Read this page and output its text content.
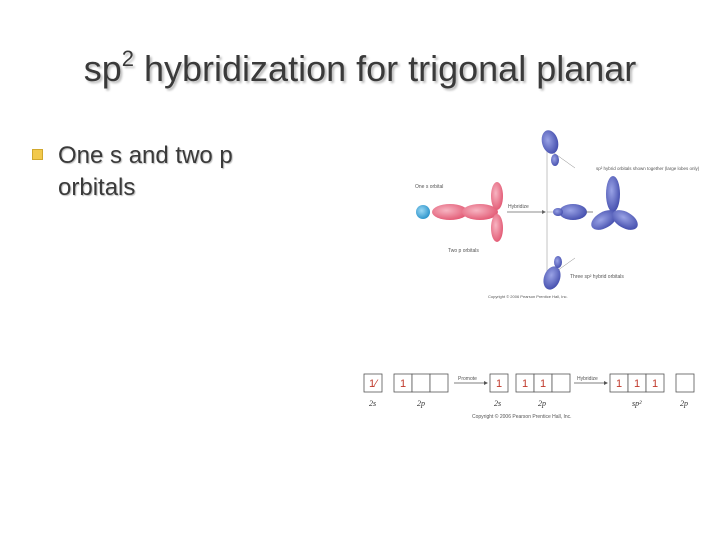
$sp^2$ hybridization for trigonal planar
One s and two p orbitals	One s orbital
Two p orbitals
Hybridize
Three sp² hybrid orbitals
sp² hybrid orbitals shown together (large lobes only)
Copyright © 2006 Pearson Prentice Hall, Inc.
1⁄ 1	1 1 1	1 1 1
Promote	Hybridize
2s	2p	2s	2p	sp²	2p
Copyright © 2006 Pearson Prentice Hall, Inc.
